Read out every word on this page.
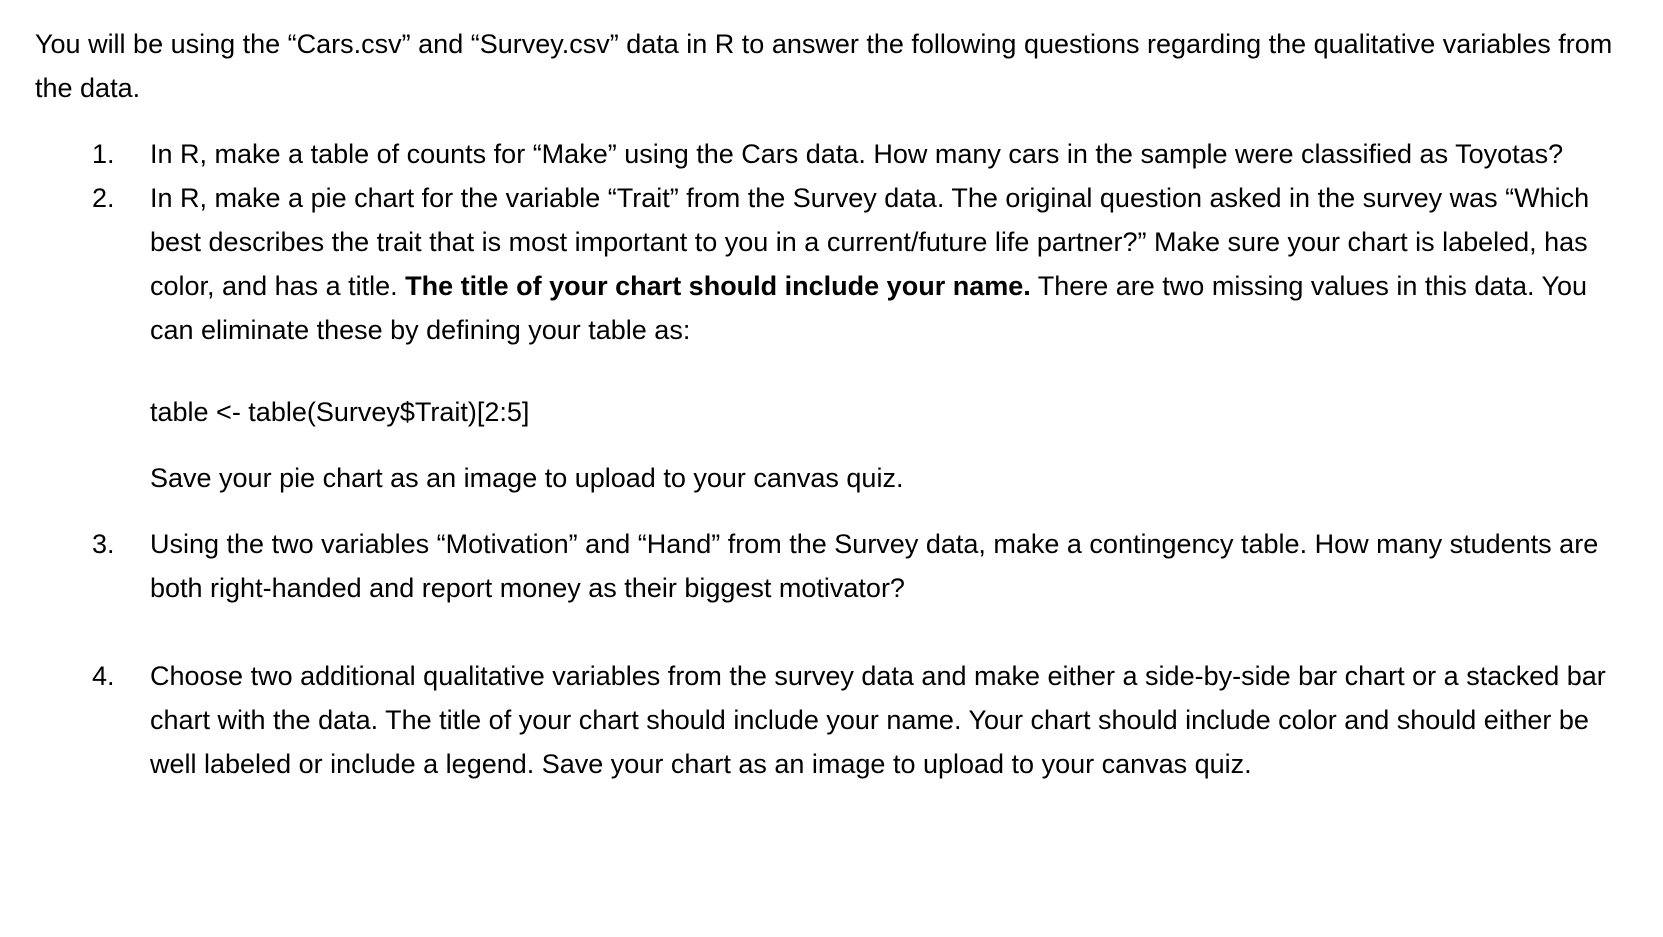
You will be using the “Cars.csv” and “Survey.csv” data in R to answer the following questions regarding the qualitative variables from the data.

1. In R, make a table of counts for “Make” using the Cars data. How many cars in the sample were classified as Toyotas?

2. In R, make a pie chart for the variable “Trait” from the Survey data. The original question asked in the survey was “Which best describes the trait that is most important to you in a current/future life partner?” Make sure your chart is labeled, has color, and has a title. The title of your chart should include your name. There are two missing values in this data. You can eliminate these by defining your table as:

table <- table(Survey$Trait)[2:5]

Save your pie chart as an image to upload to your canvas quiz.

3. Using the two variables “Motivation” and “Hand” from the Survey data, make a contingency table. How many students are both right-handed and report money as their biggest motivator?

4. Choose two additional qualitative variables from the survey data and make either a side-by-side bar chart or a stacked bar chart with the data. The title of your chart should include your name. Your chart should include color and should either be well labeled or include a legend. Save your chart as an image to upload to your canvas quiz.
